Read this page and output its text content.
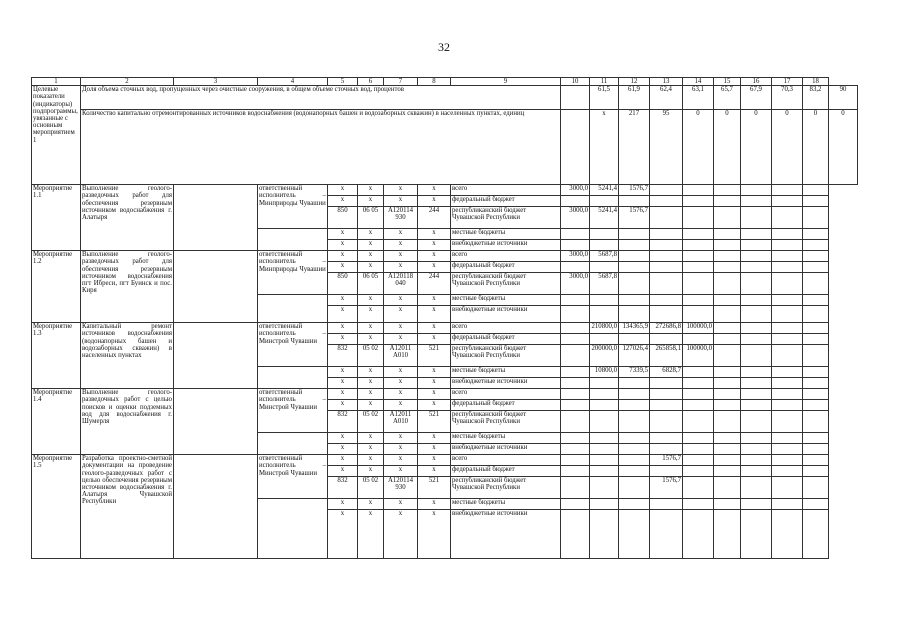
32
1	2	3	4	5	6	7	8	9	10	11	12	13	14	15	16	17	18	
Целевые показатели (индикаторы) подпрограммы, увязанные с основным мероприятием 1	Доля объема сточных вод, пропущенных через очистные сооружения, в общем объеме сточных вод, процентов									61,5	61,9	62,4	63,1	65,7	67,9	70,3	83,2	90
	Количество капитально отремонтированных источников водоснабжения (водонапорных башен и водозаборных скважин) в населенных пунктах, единиц									x	217	95	0	0	0	0	0	0
Мероприятие 1.1	Выполнение геолого-разведочных работ для обеспечения резервным источником водоснабжения г. Алатыря		ответственный исполнитель – Минприроды Чувашии	x	x	x	x	всего	3000,0	5241,4	1576,7							
				x	x	x	x	федеральный бюджет										
				850	06 05	А120114 930	244	республиканский бюджет Чувашской Республики	3000,0	5241,4	1576,7							
				x	x	x	x	местные бюджеты										
				x	x	x	x	внебюджетные источники										
Мероприятие 1.2	Выполнение геолого-разведочных работ для обеспечения резервным источником водоснабжения пгт Ибреси, пгт Буинск и пос. Киря		ответственный исполнитель – Минприроды Чувашии	x	x	x	x	всего	3000,0	5687,8								
				x	x	x	x	федеральный бюджет										
				850	06 05	А120118 040	244	республиканский бюджет Чувашской Республики	3000,0	5687,8								
				x	x	x	x	местные бюджеты										
				x	x	x	x	внебюджетные источники										
Мероприятие 1.3	Капитальный ремонт источников водоснабжения (водонапорных башен и водозаборных скважин) в населенных пунктах		ответственный исполнитель – Минстрой Чувашии	x	x	x	x	всего		210800,0	134365,9	272686,8	100000,0					
				x	x	x	x	федеральный бюджет										
				832	05 02	А12011 А010	521	республиканский бюджет Чувашской Республики		200000,0	127026,4	265858,1	100000,0					
				x	x	x	x	местные бюджеты		10800,0	7339,5	6828,7						
				x	x	x	x	внебюджетные источники										
Мероприятие 1.4	Выполнение геолого-разведочных работ с целью поисков и оценки подземных вод для водоснабжения г. Шумерля		ответственный исполнитель – Минстрой Чувашии	x	x	x	x	всего										
				x	x	x	x	федеральный бюджет										
				832	05 02	А12011 А010	521	республиканский бюджет Чувашской Республики										
				x	x	x	x	местные бюджеты										
				x	x	x	x	внебюджетные источники										
Мероприятие 1.5	Разработка проектно-сметной документации на проведение геолого-разведочных работ с целью обеспечения резервным источником водоснабжения г. Алатыря Чувашской Республики		ответственный исполнитель – Минстрой Чувашии	x	x	x	x	всего				1576,7						
				x	x	x	x	федеральный бюджет										
				832	05 02	А120114 930	521	республиканский бюджет Чувашской Республики				1576,7						
				x	x	x	x	местные бюджеты										
				x	x	x	x	внебюджетные источники										
